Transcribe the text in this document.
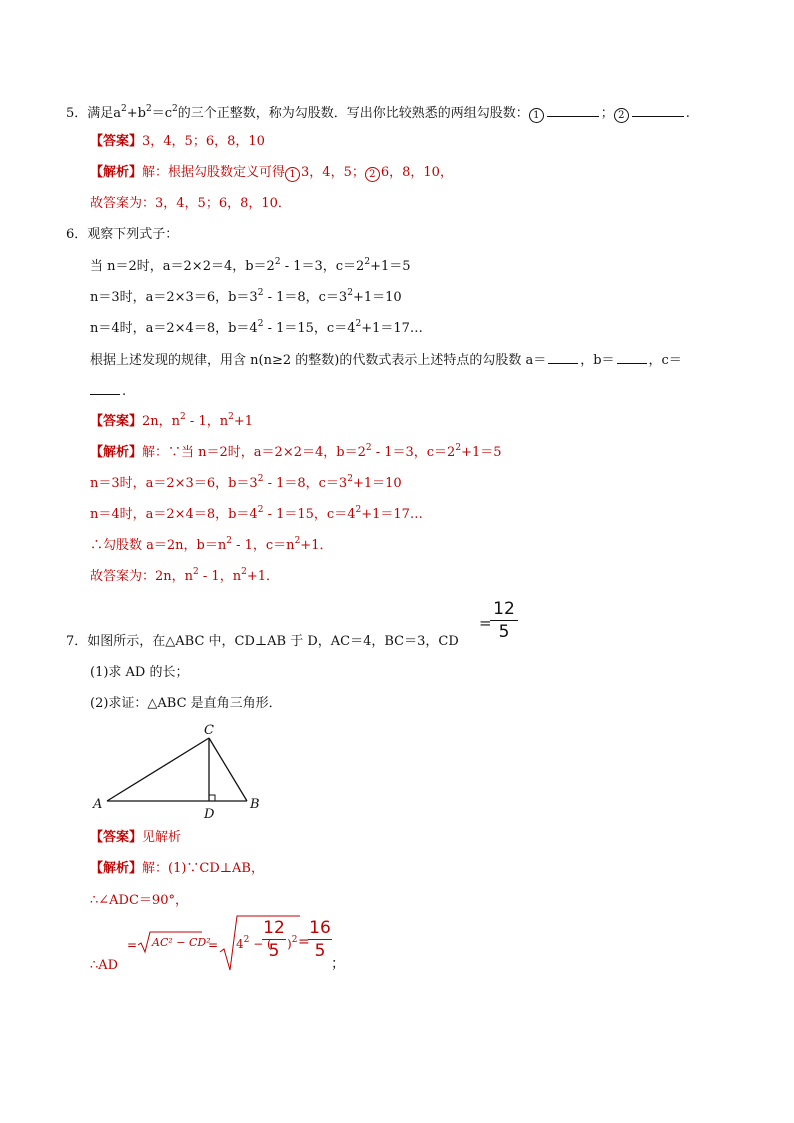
5．满足$a^2+b^2=c^2$的三个正整数，称为勾股数．写出你比较熟悉的两组勾股数： 1	； 2	.
【答案】3，4，5；6，8，10
【解析】解：根据勾股数定义可得 1 3，4，5； 2 6，8，10，
故答案为：3，4，5；6，8，10．
6．观察下列式子：
当 n＝2时，a＝2×2＝4，$b=2^2 - 1=3$，$c=2^2+1=5$
n＝3时，a＝2×3＝6，$b=3^2 - 1=8$，$c=3^2+1=10$
n＝4时，a＝2×4＝8，$b=4^2 - 1=15$，$c=4^2+1=17\dots$
根据上述发现的规律，用含 n(n≥2 的整数)的代数式表示上述特点的勾股数 a＝	，b＝	，c＝
.
【答案】2n，$n^2 - 1$，$n^2+1$
【解析】解：∵当 n＝2时，a＝2×2＝4，$b=2^2 - 1=3$，$c=2^2+1=5$
n＝3时，a＝2×3＝6，$b=3^2 - 1=8$，$c=3^2+1=10$
n＝4时，a＝2×4＝8，$b=4^2 - 1=15$，$c=4^2+1=17\dots$
∴勾股数 a＝2n，$b=n^2 - 1$，$c=n^2+1$．
故答案为：2n，$n^2 - 1$，$n^2+1$．
7．如图所示，在△ABC 中，CD⊥AB 于 D，AC＝4，BC＝3，CD
=
12
5
(1)求 AD 的长；
(2)求证：△ABC 是直角三角形．
A	B
C
D
【答案】见解析
【解析】解：(1)∵CD⊥AB，
∴∠ADC＝90°，
∴AD
= AC² − CD²
= $4^2$ − (
12
5 )$^2$ =
16
5
；
